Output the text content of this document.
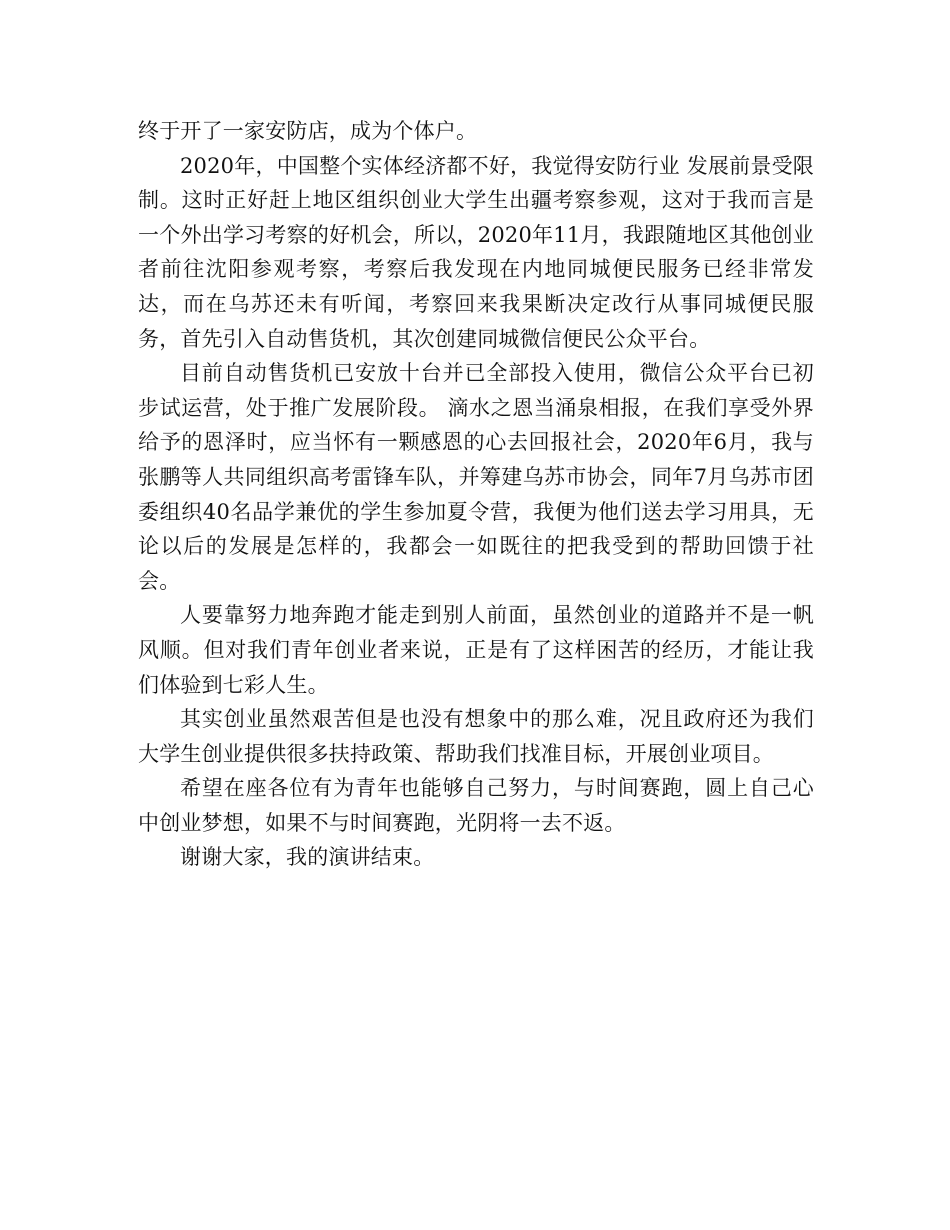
终于开了一家安防店，成为个体户。

2020年，中国整个实体经济都不好，我觉得安防行业 发展前景受限制。这时正好赶上地区组织创业大学生出疆考察参观，这对于我而言是一个外出学习考察的好机会，所以，2020年11月，我跟随地区其他创业者前往沈阳参观考察，考察后我发现在内地同城便民服务已经非常发达，而在乌苏还未有听闻，考察回来我果断决定改行从事同城便民服务，首先引入自动售货机，其次创建同城微信便民公众平台。

目前自动售货机已安放十台并已全部投入使用，微信公众平台已初步试运营，处于推广发展阶段。 滴水之恩当涌泉相报，在我们享受外界给予的恩泽时，应当怀有一颗感恩的心去回报社会，2020年6月，我与张鹏等人共同组织高考雷锋车队，并筹建乌苏市协会，同年7月乌苏市团委组织40名品学兼优的学生参加夏令营，我便为他们送去学习用具，无论以后的发展是怎样的，我都会一如既往的把我受到的帮助回馈于社会。

人要靠努力地奔跑才能走到别人前面，虽然创业的道路并不是一帆风顺。但对我们青年创业者来说，正是有了这样困苦的经历，才能让我们体验到七彩人生。

其实创业虽然艰苦但是也没有想象中的那么难，况且政府还为我们大学生创业提供很多扶持政策、帮助我们找准目标，开展创业项目。

希望在座各位有为青年也能够自己努力，与时间赛跑，圆上自己心中创业梦想，如果不与时间赛跑，光阴将一去不返。

谢谢大家，我的演讲结束。
